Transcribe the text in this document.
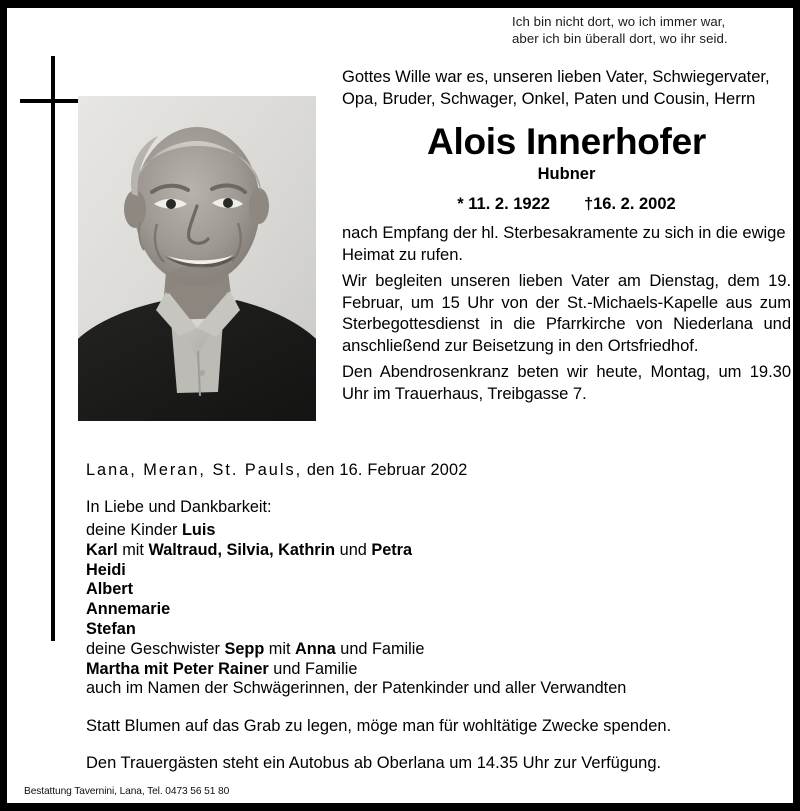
Ich bin nicht dort, wo ich immer war,
aber ich bin überall dort, wo ihr seid.

Gottes Wille war es, unseren lieben Vater, Schwiegervater, Opa, Bruder, Schwager, Onkel, Paten und Cousin, Herrn

Alois Innerhofer
Hubner
* 11. 2. 1922 †16. 2. 2002

nach Empfang der hl. Sterbesakramente zu sich in die ewige Heimat zu rufen.

Wir begleiten unseren lieben Vater am Dienstag, dem 19. Februar, um 15 Uhr von der St.-Michaels-Kapelle aus zum Sterbegottesdienst in die Pfarrkirche von Niederlana und anschließend zur Beisetzung in den Ortsfriedhof.

Den Abendrosenkranz beten wir heute, Montag, um 19.30 Uhr im Trauerhaus, Treibgasse 7.

Lana, Meran, St. Pauls, den 16. Februar 2002
In Liebe und Dankbarkeit:
deine Kinder Luis
Karl mit Waltraud, Silvia, Kathrin und Petra
Heidi
Albert
Annemarie
Stefan
deine Geschwister Sepp mit Anna und Familie
Martha mit Peter Rainer und Familie
auch im Namen der Schwägerinnen, der Patenkinder und aller Verwandten
Statt Blumen auf das Grab zu legen, möge man für wohltätige Zwecke spenden.
Den Trauergästen steht ein Autobus ab Oberlana um 14.35 Uhr zur Verfügung.
Bestattung Tavernini, Lana, Tel. 0473 56 51 80
